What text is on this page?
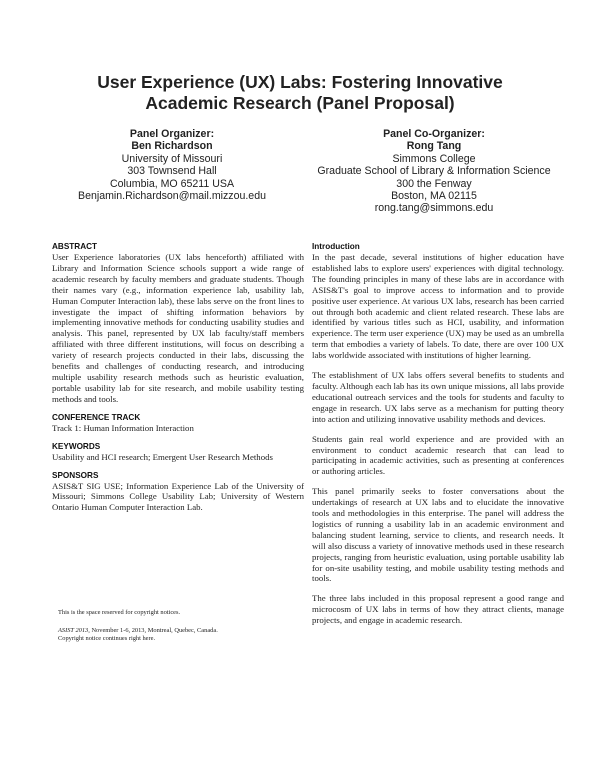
User Experience (UX) Labs: Fostering Innovative Academic Research (Panel Proposal)
Panel Organizer:
Ben Richardson
University of Missouri
303 Townsend Hall
Columbia, MO 65211 USA
Benjamin.Richardson@mail.mizzou.edu
Panel Co-Organizer:
Rong Tang
Simmons College
Graduate School of Library & Information Science
300 the Fenway
Boston, MA 02115
rong.tang@simmons.edu
ABSTRACT

User Experience laboratories (UX labs henceforth) affiliated with Library and Information Science schools support a wide range of academic research by faculty members and graduate students. Though their names vary (e.g., information experience lab, usability lab, Human Computer Interaction lab), these labs serve on the front lines to investigate the impact of shifting information behaviors by implementing innovative methods for conducting usability studies and analysis. This panel, represented by UX lab faculty/staff members affiliated with three different institutions, will focus on describing a variety of research projects conducted in their labs, discussing the benefits and challenges of conducting research, and introducing multiple usability research methods such as heuristic evaluation, portable usability lab for site research, and mobile usability testing methods and tools.

CONFERENCE TRACK

Track 1: Human Information Interaction

KEYWORDS

Usability and HCI research; Emergent User Research Methods

SPONSORS

ASIS&T SIG USE; Information Experience Lab of the University of Missouri; Simmons College Usability Lab; University of Western Ontario Human Computer Interaction Lab.

This is the space reserved for copyright notices.
ASIST 2013, November 1-6, 2013, Montreal, Quebec, Canada.
Copyright notice continues right here.
Introduction

In the past decade, several institutions of higher education have established labs to explore users' experiences with digital technology. The founding principles in many of these labs are in accordance with ASIS&T's goal to improve access to information and to provide positive user experience. At various UX labs, research has been carried out through both academic and client related research. These labs are identified by various titles such as HCI, usability, and information experience. The term user experience (UX) may be used as an umbrella term that embodies a variety of labels. To date, there are over 100 UX labs worldwide associated with institutions of higher learning.

The establishment of UX labs offers several benefits to students and faculty. Although each lab has its own unique missions, all labs provide educational outreach services and the tools for students and faculty to engage in research. UX labs serve as a mechanism for putting theory into action and utilizing innovative usability methods and devices.

Students gain real world experience and are provided with an environment to conduct academic research that can lead to participating in academic activities, such as presenting at conferences or authoring articles.

This panel primarily seeks to foster conversations about the undertakings of research at UX labs and to elucidate the innovative tools and methodologies in this enterprise. The panel will address the logistics of running a usability lab in an academic environment and balancing student learning, service to clients, and research needs. It will also discuss a variety of innovative methods used in these research projects, ranging from heuristic evaluation, using portable usability lab for on-site usability testing, and mobile usability testing methods and tools.

The three labs included in this proposal represent a good range and microcosm of UX labs in terms of how they attract clients, manage projects, and engage in academic research.
